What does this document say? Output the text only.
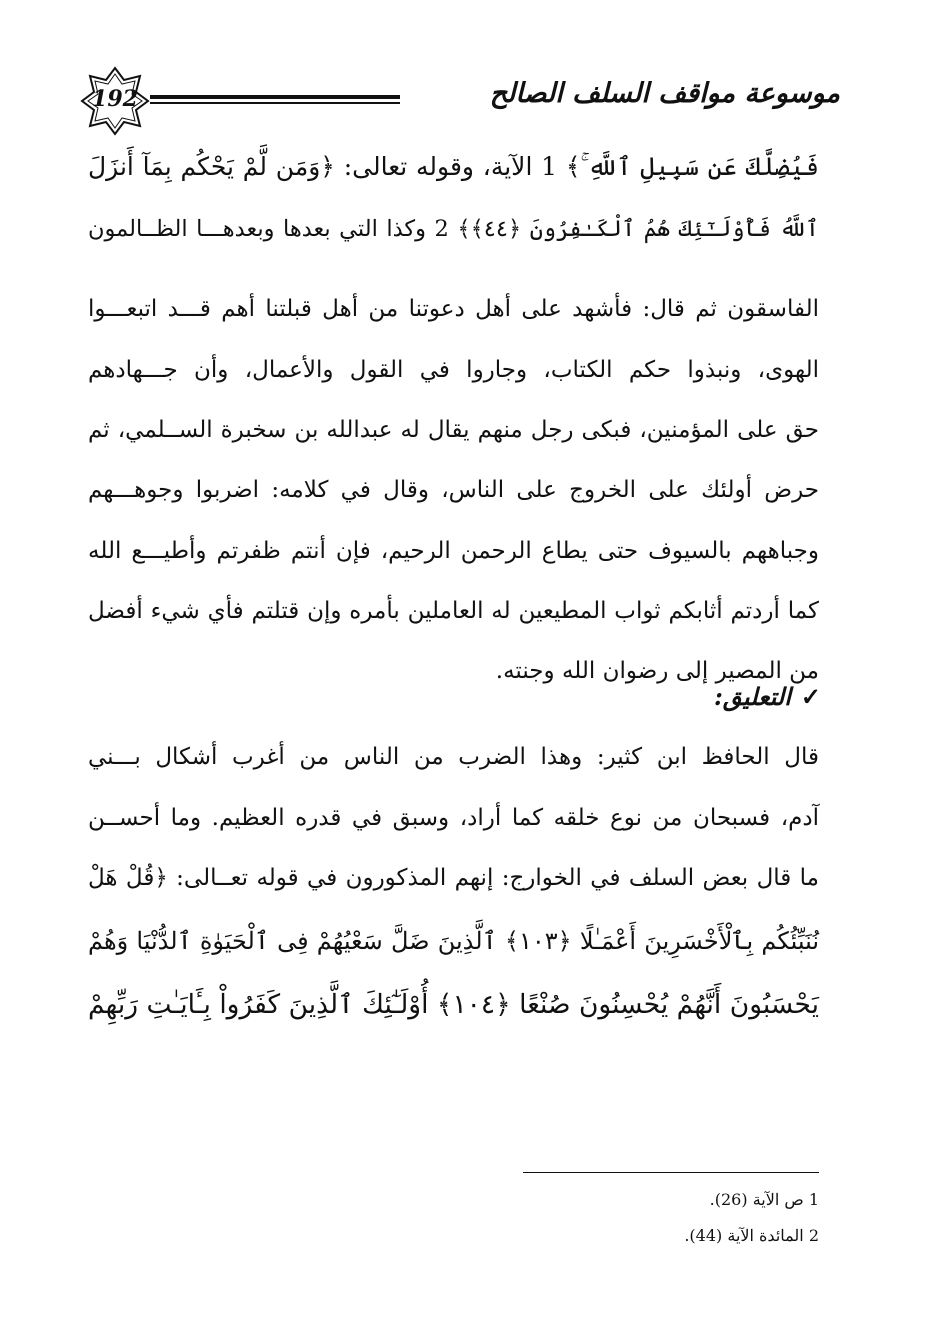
192	موسوعة مواقف السلف الصالح
فَيُضِلَّكَ عَن سَبِيلِ ٱللَّهِ ۚ﴾ 1 الآية، وقوله تعالى: ﴿وَمَن لَّمْ يَحْكُم بِمَآ أَنزَلَ
ٱللَّهُ فَأُوْلَـٰٓئِكَ هُمُ ٱلْكَـٰفِرُونَ ﴿٤٤﴾﴾ 2 وكذا التي بعدها وبعدهـــا الظــالمون
الفاسقون ثم قال: فأشهد على أهل دعوتنا من أهل قبلتنا أهم قـــد اتبعـــوا
الهوى، ونبذوا حكم الكتاب، وجاروا في القول والأعمال، وأن جـــهادهم
حق على المؤمنين، فبكى رجل منهم يقال له عبدالله بن سخبرة الســلمي، ثم
حرض أولئك على الخروج على الناس، وقال في كلامه: اضربوا وجوهـــهم
وجباههم بالسيوف حتى يطاع الرحمن الرحيم، فإن أنتم ظفرتم وأطيـــع الله
كما أردتم أثابكم ثواب المطيعين له العاملين بأمره وإن قتلتم فأي شيء أفضل
من المصير إلى رضوان الله وجنته.
✓التعليق:
قال الحافظ ابن كثير: وهذا الضرب من الناس من أغرب أشكال بـــني
آدم، فسبحان من نوع خلقه كما أراد، وسبق في قدره العظيم. وما أحســن
ما قال بعض السلف في الخوارج: إنهم المذكورون في قوله تعــالى: ﴿قُلْ هَلْ
نُنَبِّئُكُم بِٱلْأَخْسَرِينَ أَعْمَـٰلًا ﴿١٠٣﴾ ٱلَّذِينَ ضَلَّ سَعْيُهُمْ فِى ٱلْحَيَوٰةِ ٱلدُّنْيَا وَهُمْ
يَحْسَبُونَ أَنَّهُمْ يُحْسِنُونَ صُنْعًا ﴿١٠٤﴾ أُوْلَـٰٓئِكَ ٱلَّذِينَ كَفَرُواْ بِـَٔايَـٰتِ رَبِّهِمْ
1 ص الآية (26).
2 المائدة الآية (44).
